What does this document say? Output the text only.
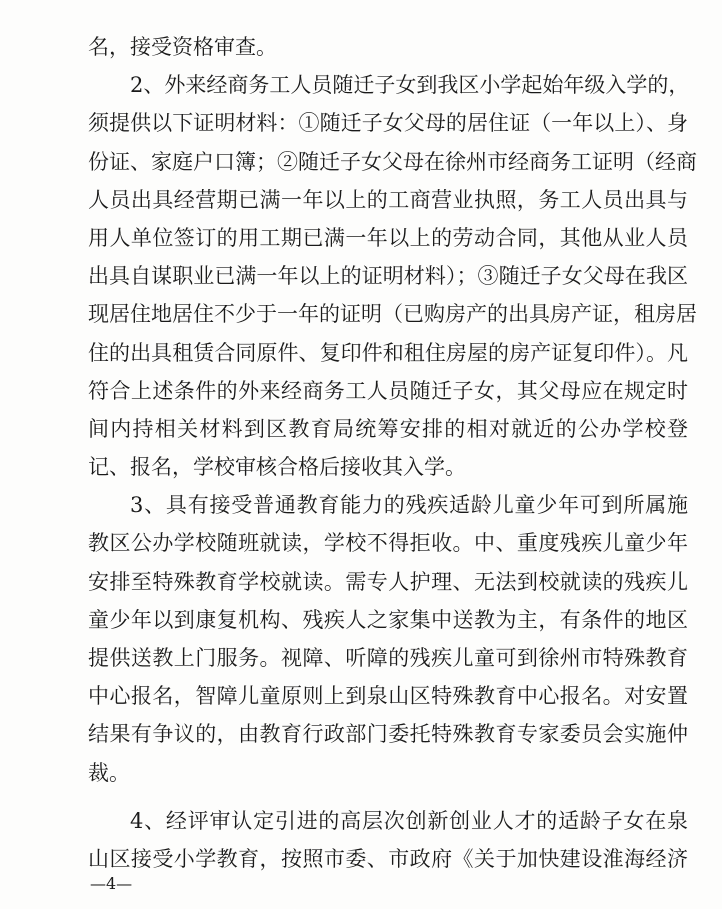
名，接受资格审查。
2、外来经商务工人员随迁子女到我区小学起始年级入学的，
须提供以下证明材料：①随迁子女父母的居住证（一年以上）、身
份证、家庭户口簿；②随迁子女父母在徐州市经商务工证明（经商
人员出具经营期已满一年以上的工商营业执照，务工人员出具与
用人单位签订的用工期已满一年以上的劳动合同，其他从业人员
出具自谋职业已满一年以上的证明材料）；③随迁子女父母在我区
现居住地居住不少于一年的证明（已购房产的出具房产证，租房居
住的出具租赁合同原件、复印件和租住房屋的房产证复印件）。凡
符合上述条件的外来经商务工人员随迁子女，其父母应在规定时
间内持相关材料到区教育局统筹安排的相对就近的公办学校登
记、报名，学校审核合格后接收其入学。
3、具有接受普通教育能力的残疾适龄儿童少年可到所属施
教区公办学校随班就读，学校不得拒收。中、重度残疾儿童少年
安排至特殊教育学校就读。需专人护理、无法到校就读的残疾儿
童少年以到康复机构、残疾人之家集中送教为主，有条件的地区
提供送教上门服务。视障、听障的残疾儿童可到徐州市特殊教育
中心报名，智障儿童原则上到泉山区特殊教育中心报名。对安置
结果有争议的，由教育行政部门委托特殊教育专家委员会实施仲
裁。
4、经评审认定引进的高层次创新创业人才的适龄子女在泉
山区接受小学教育，按照市委、市政府《关于加快建设淮海经济
—4—
